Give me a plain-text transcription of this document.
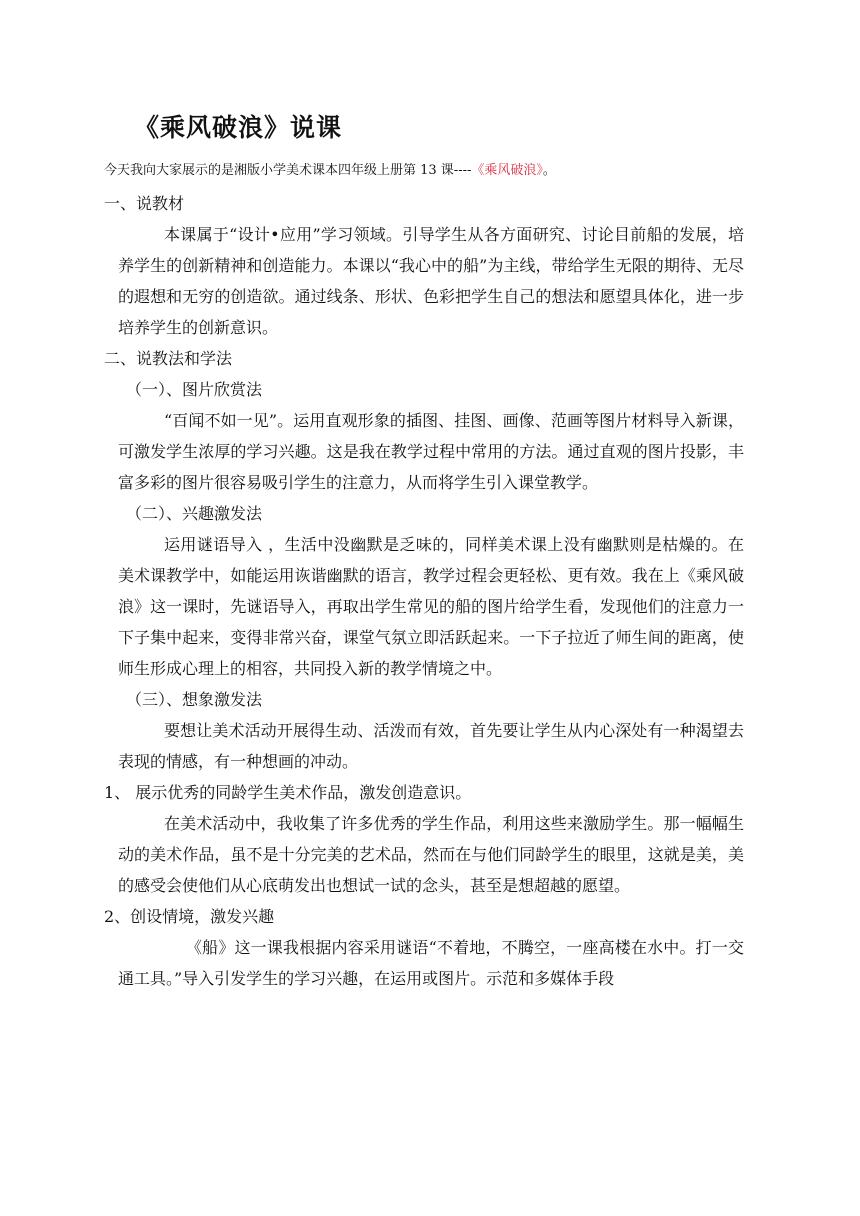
《乘风破浪》说课
今天我向大家展示的是湘版小学美术课本四年级上册第 13 课----《乘风破浪》。

一、说教材

本课属于“设计•应用”学习领域。引导学生从各方面研究、讨论目前船的发展，培养学生的创新精神和创造能力。本课以“我心中的船”为主线，带给学生无限的期待、无尽的遐想和无穷的创造欲。通过线条、形状、色彩把学生自己的想法和愿望具体化，进一步培养学生的创新意识。

二、说教法和学法

（一）、图片欣赏法

“百闻不如一见”。运用直观形象的插图、挂图、画像、范画等图片材料导入新课，可激发学生浓厚的学习兴趣。这是我在教学过程中常用的方法。通过直观的图片投影，丰富多彩的图片很容易吸引学生的注意力，从而将学生引入课堂教学。

（二）、兴趣激发法

运用谜语导入 ，生活中没幽默是乏味的，同样美术课上没有幽默则是枯燥的。在美术课教学中，如能运用诙谐幽默的语言，教学过程会更轻松、更有效。我在上《乘风破浪》这一课时，先谜语导入，再取出学生常见的船的图片给学生看，发现他们的注意力一下子集中起来，变得非常兴奋，课堂气氛立即活跃起来。一下子拉近了师生间的距离，使师生形成心理上的相容，共同投入新的教学情境之中。

（三）、想象激发法

要想让美术活动开展得生动、活泼而有效，首先要让学生从内心深处有一种渴望去表现的情感，有一种想画的冲动。

1、 展示优秀的同龄学生美术作品，激发创造意识。

在美术活动中，我收集了许多优秀的学生作品，利用这些来激励学生。那一幅幅生动的美术作品，虽不是十分完美的艺术品，然而在与他们同龄学生的眼里，这就是美，美的感受会使他们从心底萌发出也想试一试的念头，甚至是想超越的愿望。

2、创设情境，激发兴趣

《船》这一课我根据内容采用谜语“不着地，不腾空，一座高楼在水中。打一交通工具。”导入引发学生的学习兴趣，在运用或图片。示范和多媒体手段
